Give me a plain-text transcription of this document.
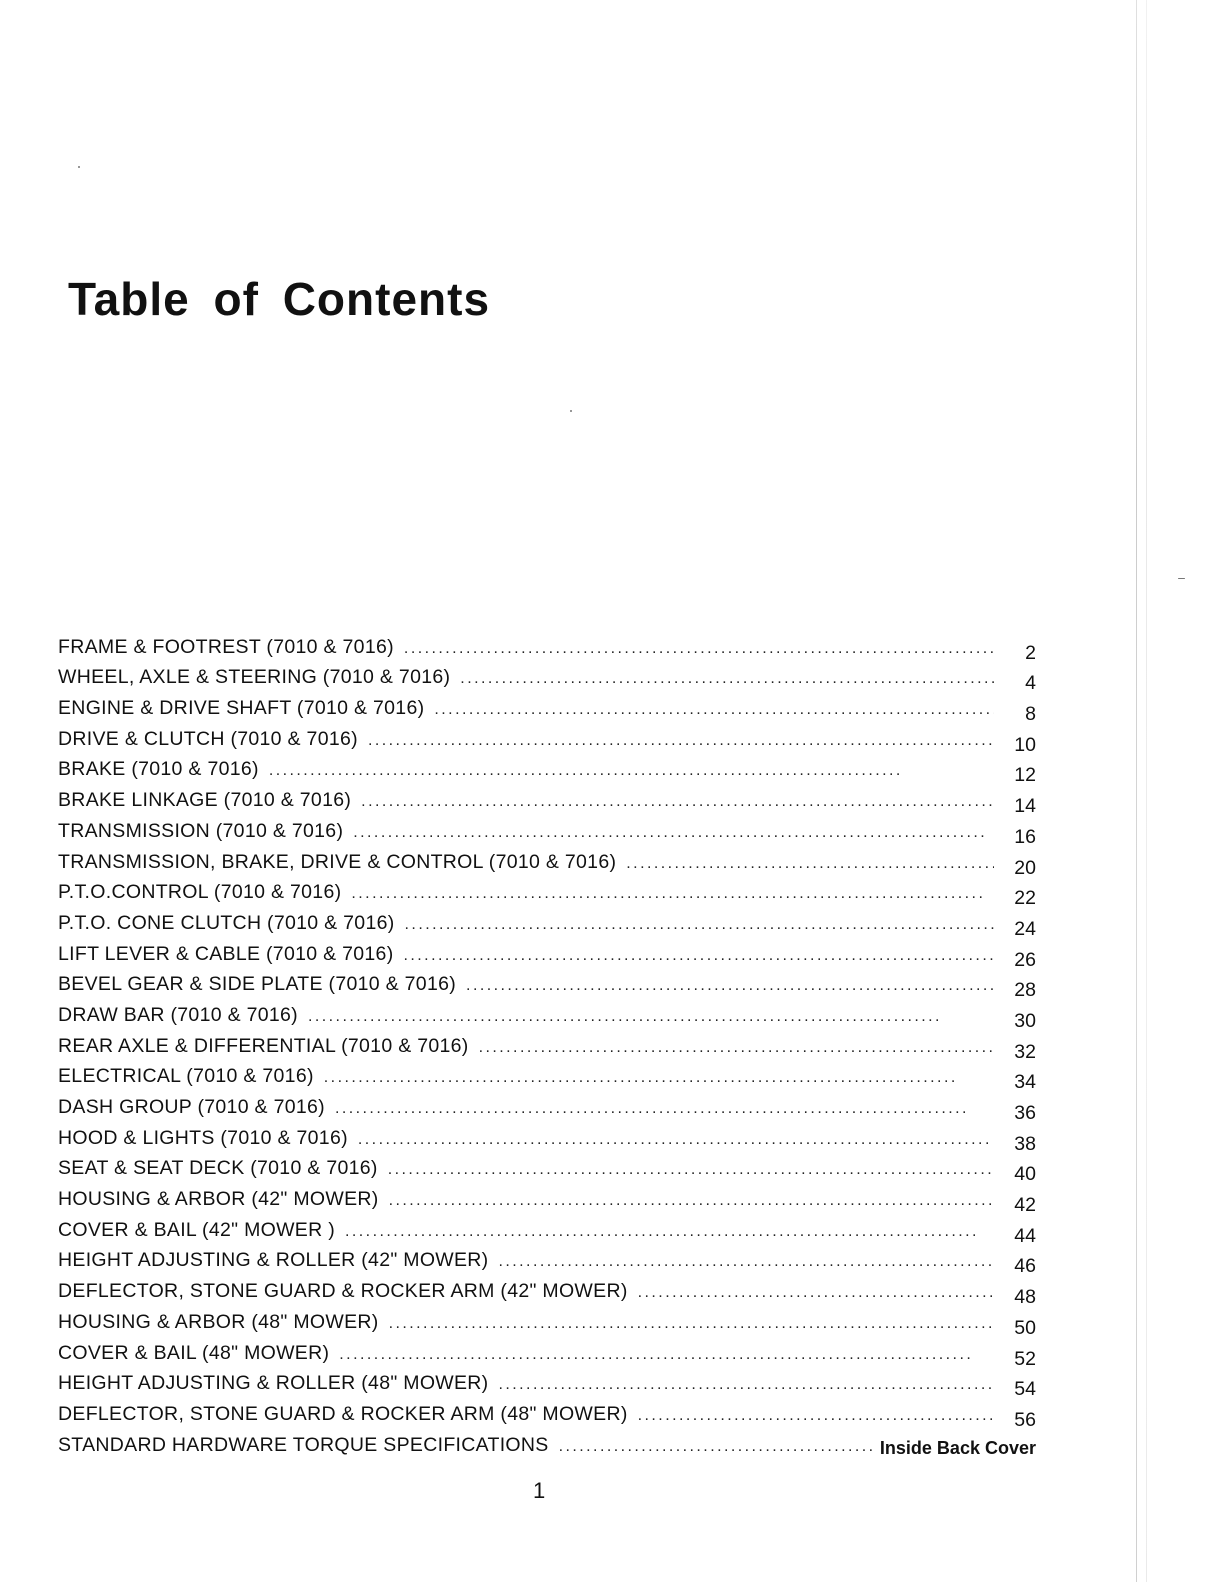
Table of Contents
FRAME & FOOTREST (7010 & 7016) . . .	2
WHEEL, AXLE & STEERING (7010 & 7016) . . .	4
ENGINE & DRIVE SHAFT (7010 & 7016) . . .	8
DRIVE & CLUTCH (7010 & 7016) . . .	10
BRAKE (7010 & 7016) . . .	12
BRAKE LINKAGE (7010 & 7016) . . .	14
TRANSMISSION (7010 & 7016) . . .	16
TRANSMISSION, BRAKE, DRIVE & CONTROL (7010 & 7016) . . .	20
P.T.O.CONTROL (7010 & 7016) . . .	22
P.T.O. CONE CLUTCH (7010 & 7016) . . .	24
LIFT LEVER & CABLE (7010 & 7016) . . .	26
BEVEL GEAR & SIDE PLATE (7010 & 7016) . . .	28
DRAW BAR (7010 & 7016) . . .	30
REAR AXLE & DIFFERENTIAL (7010 & 7016) . . .	32
ELECTRICAL (7010 & 7016) . . .	34
DASH GROUP (7010 & 7016) . . .	36
HOOD & LIGHTS (7010 & 7016) . . .	38
SEAT & SEAT DECK (7010 & 7016) . . .	40
HOUSING & ARBOR (42" MOWER) . . .	42
COVER & BAIL (42" MOWER ) . . .	44
HEIGHT ADJUSTING & ROLLER (42" MOWER) . . .	46
DEFLECTOR, STONE GUARD & ROCKER ARM (42" MOWER) . . .	48
HOUSING & ARBOR (48" MOWER) . . .	50
COVER & BAIL (48" MOWER) . . .	52
HEIGHT ADJUSTING & ROLLER (48" MOWER) . . .	54
DEFLECTOR, STONE GUARD & ROCKER ARM (48" MOWER) . . .	56
STANDARD HARDWARE TORQUE SPECIFICATIONS . . .	Inside Back Cover
1
